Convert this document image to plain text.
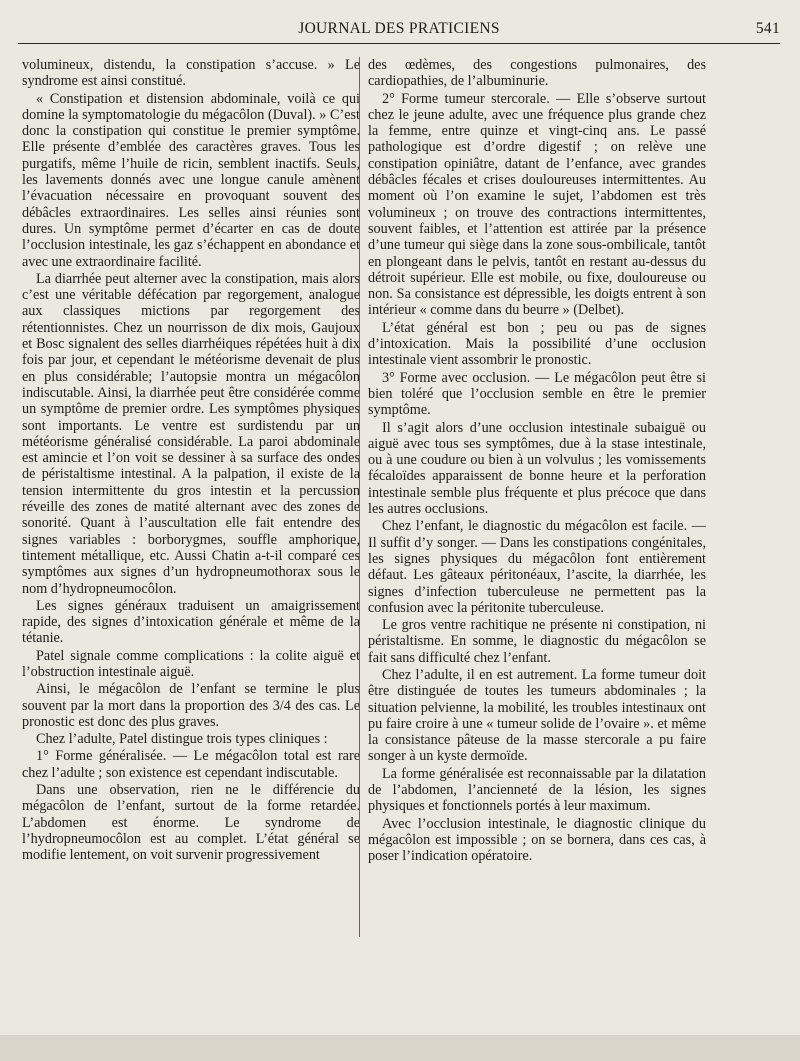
JOURNAL DES PRATICIENS	541

volumineux, distendu, la constipation s’accuse. » Le syndrome est ainsi constitué.

« Constipation et distension abdominale, voilà ce qui domine la symptomatologie du mégacôlon (Duval). » C’est donc la constipation qui constitue le premier symptôme. Elle présente d’emblée des caractères graves. Tous les purgatifs, même l’huile de ricin, semblent inactifs. Seuls, les lavements donnés avec une longue canule amènent l’évacuation nécessaire en provoquant souvent des débâcles extraordinaires. Les selles ainsi réunies sont dures. Un symptôme permet d’écarter en cas de doute l’occlusion intestinale, les gaz s’échappent en abondance et avec une extraordinaire facilité.

La diarrhée peut alterner avec la constipation, mais alors c’est une véritable défécation par regorgement, analogue aux classiques mictions par regorgement des rétentionnistes. Chez un nourrisson de dix mois, Gaujoux et Bosc signalent des selles diarrhéiques répétées huit à dix fois par jour, et cependant le météorisme devenait de plus en plus considérable; l’autopsie montra un mégacôlon indiscutable. Ainsi, la diarrhée peut être considérée comme un symptôme de premier ordre. Les symptômes physiques sont importants. Le ventre est surdistendu par un météorisme généralisé considérable. La paroi abdominale est amincie et l’on voit se dessiner à sa surface des ondes de péristaltisme intestinal. A la palpation, il existe de la tension intermittente du gros intestin et la percussion réveille des zones de matité alternant avec des zones de sonorité. Quant à l’auscultation elle fait entendre des signes variables : borborygmes, souffle amphorique, tintement métallique, etc. Aussi Chatin a-t-il comparé ces symptômes aux signes d’un hydropneumothorax sous le nom d’hydropneumocôlon.

Les signes généraux traduisent un amaigrissement rapide, des signes d’intoxication générale et même de la tétanie.

Patel signale comme complications : la colite aiguë et l’obstruction intestinale aiguë.

Ainsi, le mégacôlon de l’enfant se termine le plus souvent par la mort dans la proportion des 3/4 des cas. Le pronostic est donc des plus graves.

Chez l’adulte, Patel distingue trois types cliniques :

1° Forme généralisée. — Le mégacôlon total est rare chez l’adulte ; son existence est cependant indiscutable.

Dans une observation, rien ne le différencie du mégacôlon de l’enfant, surtout de la forme retardée. L’abdomen est énorme. Le syndrome de l’hydropneumocôlon est au complet. L’état général se modifie lentement, on voit survenir progressivement

des œdèmes, des congestions pulmonaires, des cardiopathies, de l’albuminurie.

2° Forme tumeur stercorale. — Elle s’observe surtout chez le jeune adulte, avec une fréquence plus grande chez la femme, entre quinze et vingt-cinq ans. Le passé pathologique est d’ordre digestif ; on relève une constipation opiniâtre, datant de l’enfance, avec grandes débâcles fécales et crises douloureuses intermittentes. Au moment où l’on examine le sujet, l’abdomen est très volumineux ; on trouve des contractions intermittentes, souvent faibles, et l’attention est attirée par la présence d’une tumeur qui siège dans la zone sous-ombilicale, tantôt en plongeant dans le pelvis, tantôt en restant au-dessus du détroit supérieur. Elle est mobile, ou fixe, douloureuse ou non. Sa consistance est dépressible, les doigts entrent à son intérieur « comme dans du beurre » (Delbet).

L’état général est bon ; peu ou pas de signes d’intoxication. Mais la possibilité d’une occlusion intestinale vient assombrir le pronostic.

3° Forme avec occlusion. — Le mégacôlon peut être si bien toléré que l’occlusion semble en être le premier symptôme.

Il s’agit alors d’une occlusion intestinale subaiguë ou aiguë avec tous ses symptômes, due à la stase intestinale, ou à une coudure ou bien à un volvulus ; les vomissements fécaloïdes apparaissent de bonne heure et la perforation intestinale semble plus fréquente et plus précoce que dans les autres occlusions.

Chez l’enfant, le diagnostic du mégacôlon est facile. — Il suffit d’y songer. — Dans les constipations congénitales, les signes physiques du mégacôlon font entièrement défaut. Les gâteaux péritonéaux, l’ascite, la diarrhée, les signes d’infection tuberculeuse ne permettent pas la confusion avec la péritonite tuberculeuse.

Le gros ventre rachitique ne présente ni constipation, ni péristaltisme. En somme, le diagnostic du mégacôlon se fait sans difficulté chez l’enfant.

Chez l’adulte, il en est autrement. La forme tumeur doit être distinguée de toutes les tumeurs abdominales ; la situation pelvienne, la mobilité, les troubles intestinaux ont pu faire croire à une « tumeur solide de l’ovaire ». et même la consistance pâteuse de la masse stercorale a pu faire songer à un kyste dermoïde.

La forme généralisée est reconnaissable par la dilatation de l’abdomen, l’ancienneté de la lésion, les signes physiques et fonctionnels portés à leur maximum.

Avec l’occlusion intestinale, le diagnostic clinique du mégacôlon est impossible ; on se bornera, dans ces cas, à poser l’indication opératoire.
